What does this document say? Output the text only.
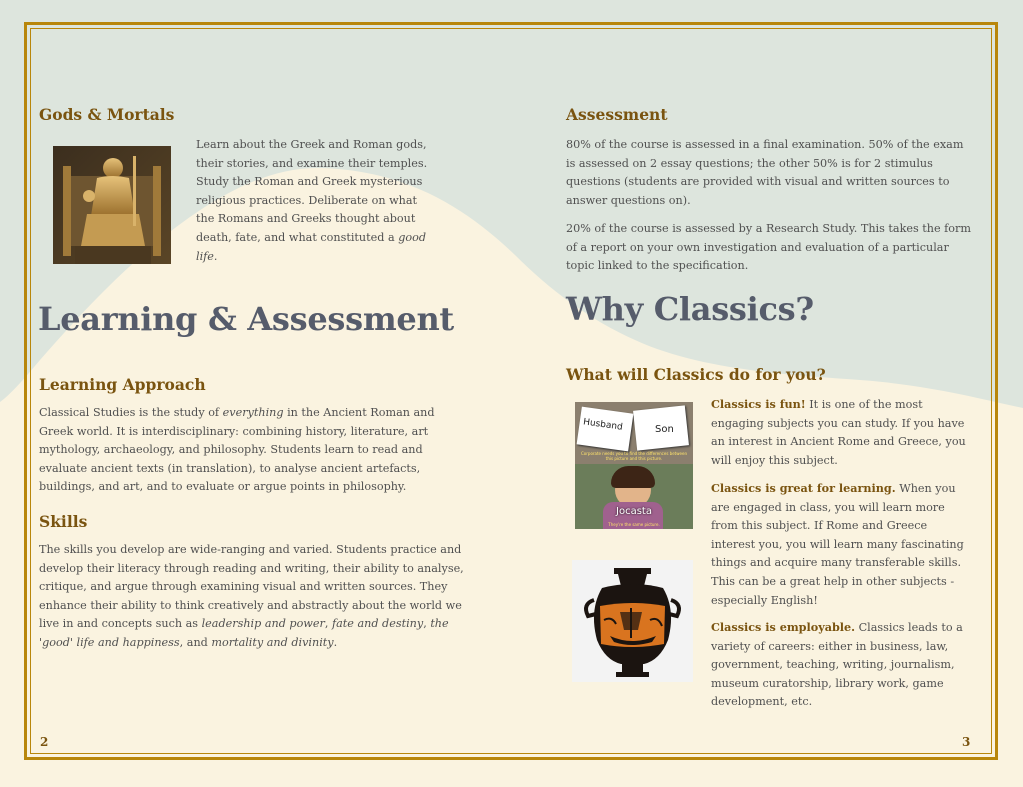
Gods & Mortals

Learn about the Greek and Roman gods, their stories, and examine their temples. Study the Roman and Greek mysterious religious practices. Deliberate on what the Romans and Greeks thought about death, fate, and what constituted a good life.

Learning & Assessment
Learning Approach

Classical Studies is the study of everything in the Ancient Roman and Greek world. It is interdisciplinary: combining history, literature, art mythology, archaeology, and philosophy. Students learn to read and evaluate ancient texts (in translation), to analyse ancient artefacts, buildings, and art, and to evaluate or argue points in philosophy.

Skills

The skills you develop are wide-ranging and varied. Students practice and develop their literacy through reading and writing, their ability to analyse, critique, and argue through examining visual and written sources. They enhance their ability to think creatively and abstractly about the world we live in and concepts such as leadership and power, fate and destiny, the 'good' life and happiness, and mortality and divinity.

2
Assessment

80% of the course is assessed in a final examination. 50% of the exam is assessed on 2 essay questions; the other 50% is for 2 stimulus questions (students are provided with visual and written sources to answer questions on).

20% of the course is assessed by a Research Study. This takes the form of a report on your own investigation and evaluation of a particular topic linked to the specification.

Why Classics?
What will Classics do for you?
Husband	Son
Corporate needs you to find the differences between this picture and this picture.
Jocasta
They're the same picture.

Classics is fun! It is one of the most engaging subjects you can study. If you have an interest in Ancient Rome and Greece, you will enjoy this subject.

Classics is great for learning. When you are engaged in class, you will learn more from this subject. If Rome and Greece interest you, you will learn many fascinating things and acquire many transferable skills. This can be a great help in other subjects - especially English!

Classics is employable. Classics leads to a variety of careers: either in business, law, government, teaching, writing, journalism, museum curatorship, library work, game development, etc.

3
